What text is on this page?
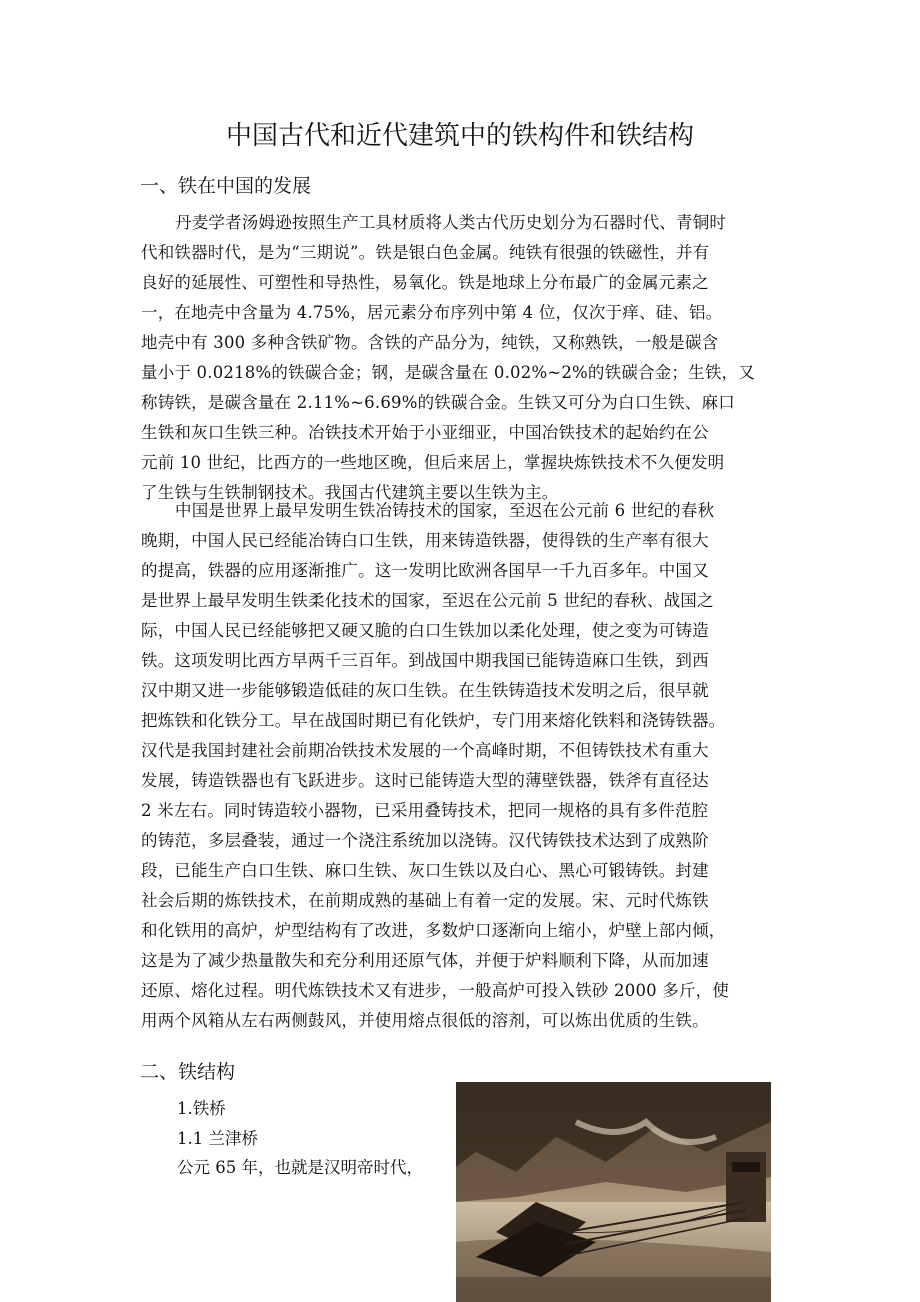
中国古代和近代建筑中的铁构件和铁结构
一、铁在中国的发展
丹麦学者汤姆逊按照生产工具材质将人类古代历史划分为石器时代、青铜时
代和铁器时代，是为“三期说”。铁是银白色金属。纯铁有很强的铁磁性，并有
良好的延展性、可塑性和导热性，易氧化。铁是地球上分布最广的金属元素之
一，在地壳中含量为 4.75%，居元素分布序列中第 4 位，仅次于痒、硅、铝。
地壳中有 300 多种含铁矿物。含铁的产品分为，纯铁，又称熟铁，一般是碳含
量小于 0.0218%的铁碳合金；钢，是碳含量在 0.02%~2%的铁碳合金；生铁，又
称铸铁，是碳含量在 2.11%~6.69%的铁碳合金。生铁又可分为白口生铁、麻口
生铁和灰口生铁三种。冶铁技术开始于小亚细亚，中国冶铁技术的起始约在公
元前 10 世纪，比西方的一些地区晚，但后来居上，掌握块炼铁技术不久便发明
了生铁与生铁制钢技术。我国古代建筑主要以生铁为主。
中国是世界上最早发明生铁冶铸技术的国家，至迟在公元前 6 世纪的春秋
晚期，中国人民已经能冶铸白口生铁，用来铸造铁器，使得铁的生产率有很大
的提高，铁器的应用逐渐推广。这一发明比欧洲各国早一千九百多年。中国又
是世界上最早发明生铁柔化技术的国家，至迟在公元前 5 世纪的春秋、战国之
际，中国人民已经能够把又硬又脆的白口生铁加以柔化处理，使之变为可铸造
铁。这项发明比西方早两千三百年。到战国中期我国已能铸造麻口生铁，到西
汉中期又进一步能够锻造低硅的灰口生铁。在生铁铸造技术发明之后，很早就
把炼铁和化铁分工。早在战国时期已有化铁炉，专门用来熔化铁料和浇铸铁器。
汉代是我国封建社会前期冶铁技术发展的一个高峰时期，不但铸铁技术有重大
发展，铸造铁器也有飞跃进步。这时已能铸造大型的薄壁铁器，铁斧有直径达
2 米左右。同时铸造较小器物，已采用叠铸技术，把同一规格的具有多件范腔
的铸范，多层叠装，通过一个浇注系统加以浇铸。汉代铸铁技术达到了成熟阶
段，已能生产白口生铁、麻口生铁、灰口生铁以及白心、黑心可锻铸铁。封建
社会后期的炼铁技术，在前期成熟的基础上有着一定的发展。宋、元时代炼铁
和化铁用的高炉，炉型结构有了改进，多数炉口逐渐向上缩小，炉壁上部内倾，
这是为了减少热量散失和充分利用还原气体，并便于炉料顺利下降，从而加速
还原、熔化过程。明代炼铁技术又有进步，一般高炉可投入铁砂 2000 多斤，使
用两个风箱从左右两侧鼓风，并使用熔点很低的溶剂，可以炼出优质的生铁。
二、铁结构
1.铁桥
1.1 兰津桥
公元 65 年，也就是汉明帝时代，
